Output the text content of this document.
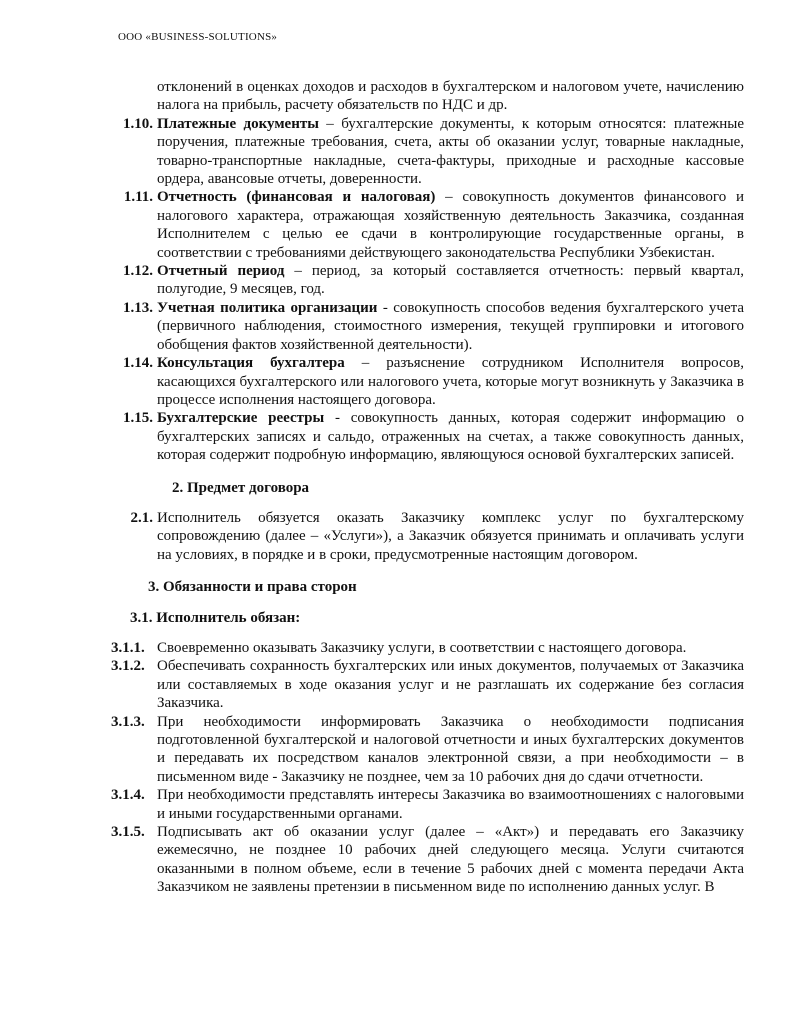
ООО «BUSINESS-SOLUTIONS»

отклонений в оценках доходов и расходов в бухгалтерском и налоговом учете, начислению налога на прибыль, расчету обязательств по НДС и др.

1.10. Платежные документы – бухгалтерские документы, к которым относятся: платежные поручения, платежные требования, счета, акты об оказании услуг, товарные накладные, товарно-транспортные накладные, счета-фактуры, приходные и расходные кассовые ордера, авансовые отчеты, доверенности.
1.11. Отчетность (финансовая и налоговая) – совокупность документов финансового и налогового характера, отражающая хозяйственную деятельность Заказчика, созданная Исполнителем с целью ее сдачи в контролирующие государственные органы, в соответствии с требованиями действующего законодательства Республики Узбекистан.
1.12. Отчетный период – период, за который составляется отчетность: первый квартал, полугодие, 9 месяцев, год.
1.13. Учетная политика организации - совокупность способов ведения бухгалтерского учета (первичного наблюдения, стоимостного измерения, текущей группировки и итогового обобщения фактов хозяйственной деятельности).
1.14. Консультация бухгалтера – разъяснение сотрудником Исполнителя вопросов, касающихся бухгалтерского или налогового учета, которые могут возникнуть у Заказчика в процессе исполнения настоящего договора.
1.15. Бухгалтерские реестры - совокупность данных, которая содержит информацию о бухгалтерских записях и сальдо, отраженных на счетах, а также совокупность данных, которая содержит подробную информацию, являющуюся основой бухгалтерских записей.

2. Предмет договора

2.1. Исполнитель обязуется оказать Заказчику комплекс услуг по бухгалтерскому сопровождению (далее – «Услуги»), а Заказчик обязуется принимать и оплачивать услуги на условиях, в порядке и в сроки, предусмотренные настоящим договором.

3. Обязанности и права сторон

3.1. Исполнитель обязан:

3.1.1. Своевременно оказывать Заказчику услуги, в соответствии с настоящего договора.
3.1.2. Обеспечивать сохранность бухгалтерских или иных документов, получаемых от Заказчика или составляемых в ходе оказания услуг и не разглашать их содержание без согласия Заказчика.
3.1.3. При необходимости информировать Заказчика о необходимости подписания подготовленной бухгалтерской и налоговой отчетности и иных бухгалтерских документов и передавать их посредством каналов электронной связи, а при необходимости – в письменном виде - Заказчику не позднее, чем за 10 рабочих дня до сдачи отчетности.
3.1.4. При необходимости представлять интересы Заказчика во взаимоотношениях с налоговыми и иными государственными органами.
3.1.5. Подписывать акт об оказании услуг (далее – «Акт») и передавать его Заказчику ежемесячно, не позднее 10 рабочих дней следующего месяца. Услуги считаются оказанными в полном объеме, если в течение 5 рабочих дней с момента передачи Акта Заказчиком не заявлены претензии в письменном виде по исполнению данных услуг. В
